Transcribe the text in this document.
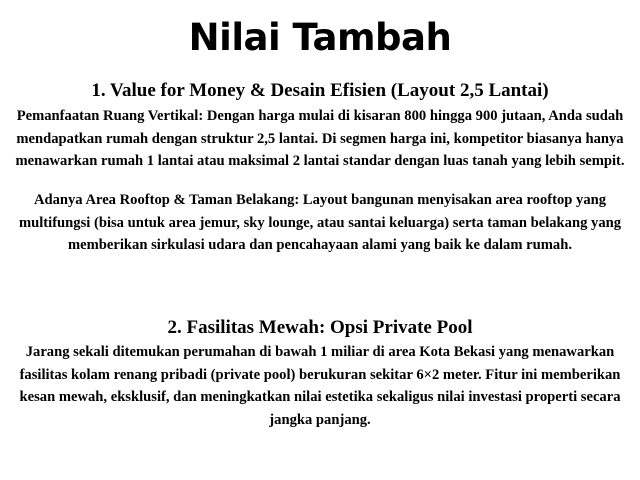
Nilai Tambah
1. Value for Money & Desain Efisien (Layout 2,5 Lantai)
Pemanfaatan Ruang Vertikal: Dengan harga mulai di kisaran 800 hingga 900 jutaan, Anda sudah mendapatkan rumah dengan struktur 2,5 lantai. Di segmen harga ini, kompetitor biasanya hanya menawarkan rumah 1 lantai atau maksimal 2 lantai standar dengan luas tanah yang lebih sempit.
Adanya Area Rooftop & Taman Belakang: Layout bangunan menyisakan area rooftop yang multifungsi (bisa untuk area jemur, sky lounge, atau santai keluarga) serta taman belakang yang memberikan sirkulasi udara dan pencahayaan alami yang baik ke dalam rumah.
2. Fasilitas Mewah: Opsi Private Pool
Jarang sekali ditemukan perumahan di bawah 1 miliar di area Kota Bekasi yang menawarkan fasilitas kolam renang pribadi (private pool) berukuran sekitar 6×2 meter. Fitur ini memberikan kesan mewah, eksklusif, dan meningkatkan nilai estetika sekaligus nilai investasi properti secara jangka panjang.
